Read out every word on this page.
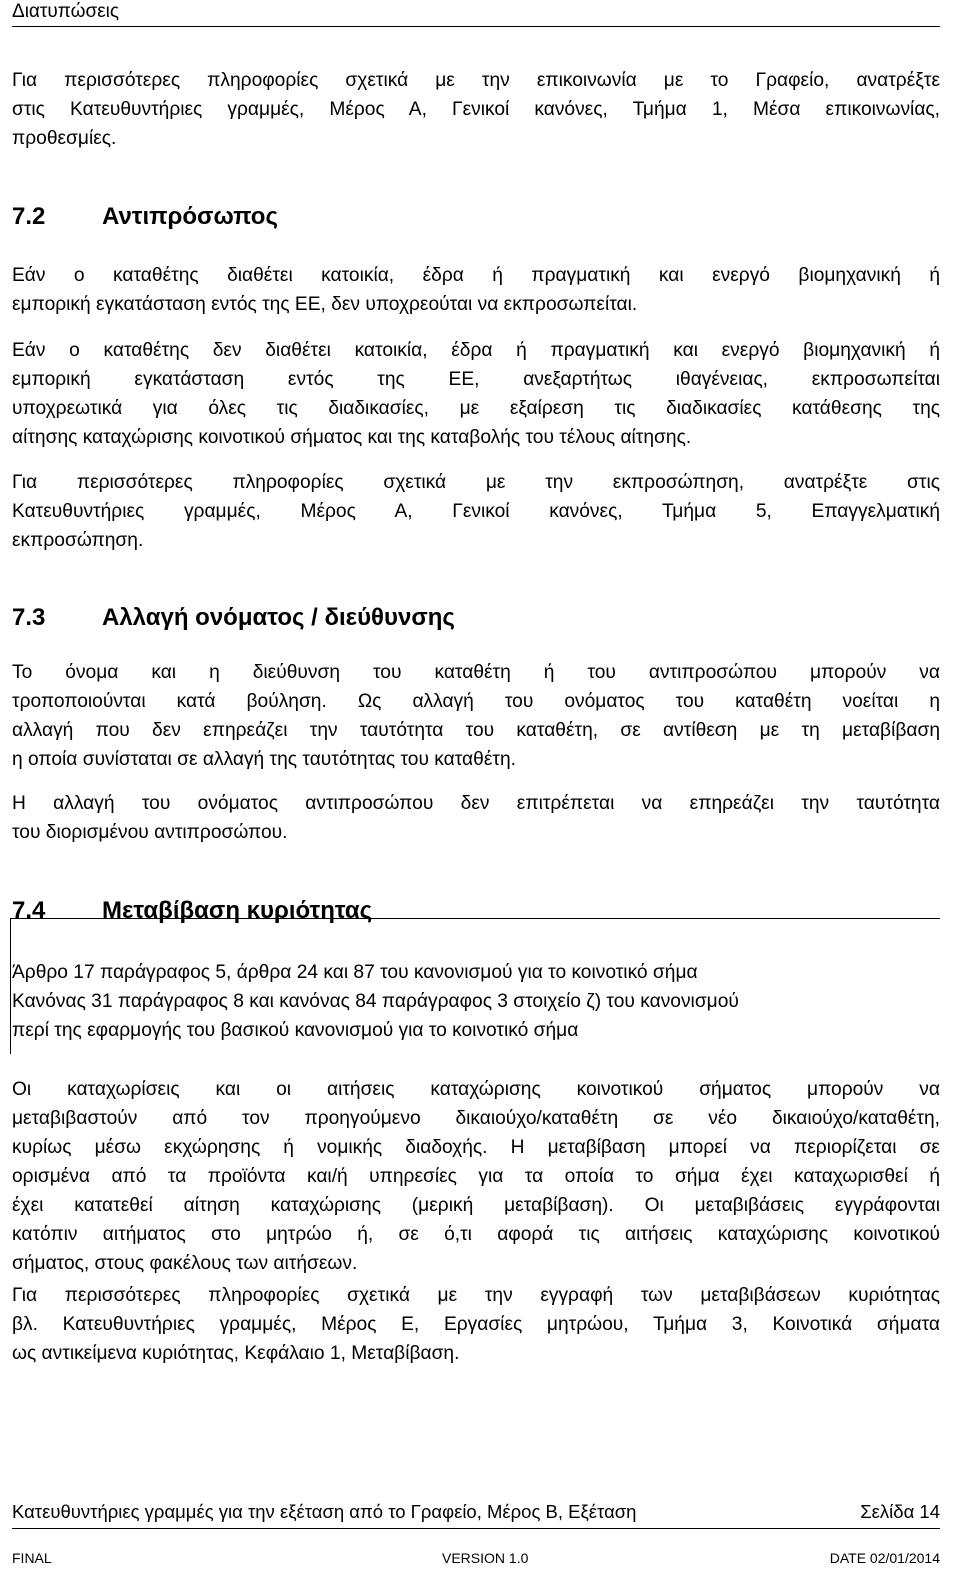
Διατυπώσεις

Για περισσότερες πληροφορίες σχετικά με την επικοινωνία με το Γραφείο, ανατρέξτε
στις Κατευθυντήριες γραμμές, Μέρος Α, Γενικοί κανόνες, Τμήμα 1, Μέσα επικοινωνίας,
προθεσμίες.

7.2 Αντιπρόσωπος

Εάν ο καταθέτης διαθέτει κατοικία, έδρα ή πραγματική και ενεργό βιομηχανική ή
εμπορική εγκατάσταση εντός της ΕΕ, δεν υποχρεούται να εκπροσωπείται.

Εάν ο καταθέτης δεν διαθέτει κατοικία, έδρα ή πραγματική και ενεργό βιομηχανική ή
εμπορική εγκατάσταση εντός της ΕΕ, ανεξαρτήτως ιθαγένειας, εκπροσωπείται
υποχρεωτικά για όλες τις διαδικασίες, με εξαίρεση τις διαδικασίες κατάθεσης της
αίτησης καταχώρισης κοινοτικού σήματος και της καταβολής του τέλους αίτησης.

Για περισσότερες πληροφορίες σχετικά με την εκπροσώπηση, ανατρέξτε στις
Κατευθυντήριες γραμμές, Μέρος Α, Γενικοί κανόνες, Τμήμα 5, Επαγγελματική
εκπροσώπηση.

7.3 Αλλαγή ονόματος / διεύθυνσης

Το όνομα και η διεύθυνση του καταθέτη ή του αντιπροσώπου μπορούν να
τροποποιούνται κατά βούληση. Ως αλλαγή του ονόματος του καταθέτη νοείται η
αλλαγή που δεν επηρεάζει την ταυτότητα του καταθέτη, σε αντίθεση με τη μεταβίβαση
η οποία συνίσταται σε αλλαγή της ταυτότητας του καταθέτη.

Η αλλαγή του ονόματος αντιπροσώπου δεν επιτρέπεται να επηρεάζει την ταυτότητα
του διορισμένου αντιπροσώπου.

7.4 Μεταβίβαση κυριότητας

Άρθρο 17 παράγραφος 5, άρθρα 24 και 87 του κανονισμού για το κοινοτικό σήμα
Κανόνας 31 παράγραφος 8 και κανόνας 84 παράγραφος 3 στοιχείο ζ) του κανονισμού
περί της εφαρμογής του βασικού κανονισμού για το κοινοτικό σήμα

Οι καταχωρίσεις και οι αιτήσεις καταχώρισης κοινοτικού σήματος μπορούν να
μεταβιβαστούν από τον προηγούμενο δικαιούχο/καταθέτη σε νέο δικαιούχο/καταθέτη,
κυρίως μέσω εκχώρησης ή νομικής διαδοχής. Η μεταβίβαση μπορεί να περιορίζεται σε
ορισμένα από τα προϊόντα και/ή υπηρεσίες για τα οποία το σήμα έχει καταχωρισθεί ή
έχει κατατεθεί αίτηση καταχώρισης (μερική μεταβίβαση). Οι μεταβιβάσεις εγγράφονται
κατόπιν αιτήματος στο μητρώο ή, σε ό,τι αφορά τις αιτήσεις καταχώρισης κοινοτικού
σήματος, στους φακέλους των αιτήσεων.

Για περισσότερες πληροφορίες σχετικά με την εγγραφή των μεταβιβάσεων κυριότητας
βλ. Κατευθυντήριες γραμμές, Μέρος Ε, Εργασίες μητρώου, Τμήμα 3, Κοινοτικά σήματα
ως αντικείμενα κυριότητας, Κεφάλαιο 1, Μεταβίβαση.

Κατευθυντήριες γραμμές για την εξέταση από το Γραφείο, Μέρος B, Εξέταση	Σελίδα 14
FINAL	VERSION 1.0	DATE 02/01/2014
